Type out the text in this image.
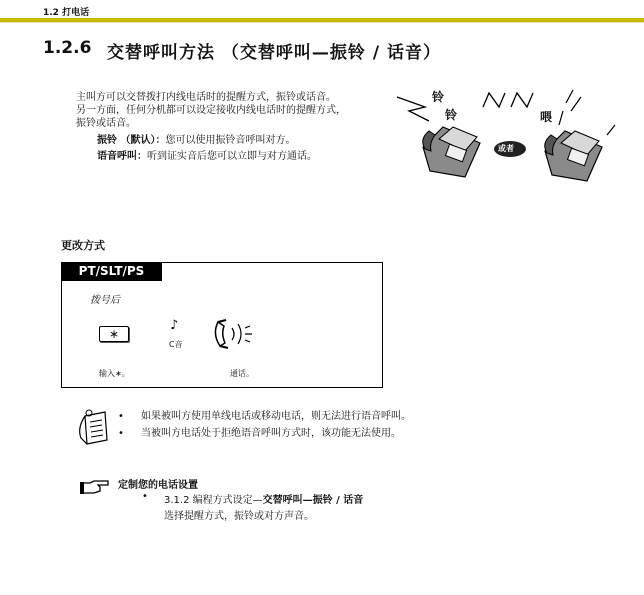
1.2 打电话
1.2.6 交替呼叫方法 （交替呼叫—振铃 / 话音）
主叫方可以交替拨打内线电话时的提醒方式，振铃或话音。
另一方面，任何分机都可以设定接收内线电话时的提醒方式，
振铃或话音。
振铃 （默认）：您可以使用振铃音呼叫对方。
语音呼叫：听到证实音后您可以立即与对方通话。
铃
铃	喂
或者
更改方式
PT/SLT/PS
拨号后
∗
♪
C音
输入∗。	通话。
• 如果被叫方使用单线电话或移动电话，则无法进行语音呼叫。
• 当被叫方电话处于拒绝语音呼叫方式时，该功能无法使用。
定制您的电话设置
• 3.1.2 编程方式设定—交替呼叫—振铃 / 话音
选择提醒方式，振铃或对方声音。
